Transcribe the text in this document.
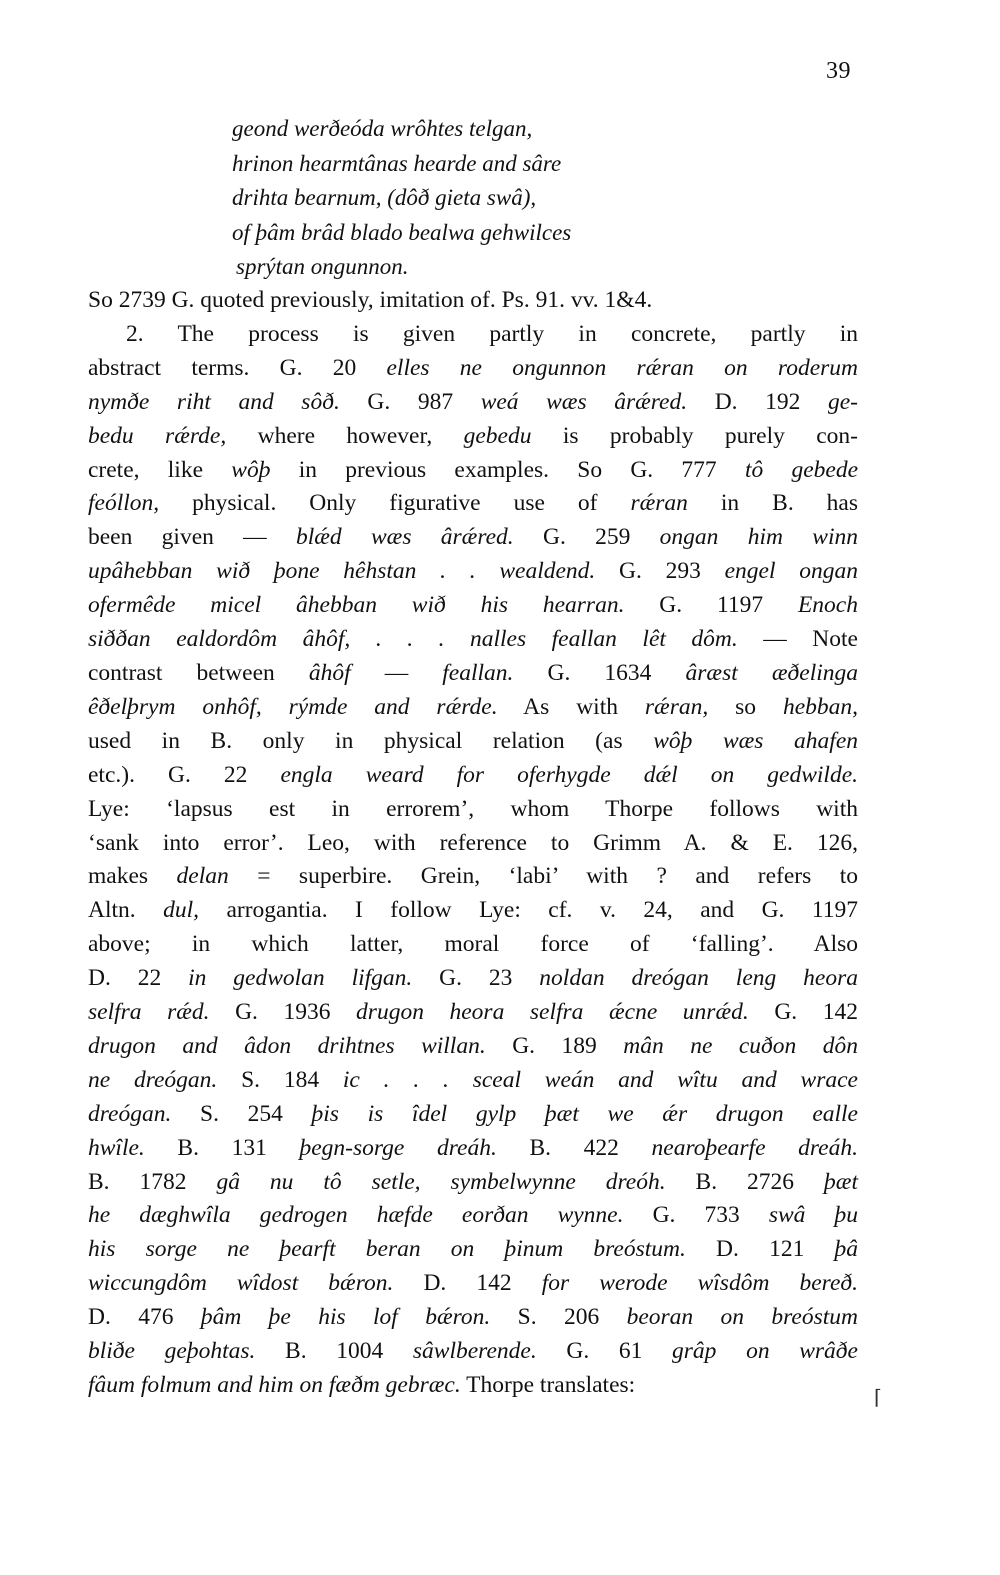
39
geond werðeóda wrôhtes telgan,
hrinon hearmtânas hearde and sâre
drihta bearnum, (dôð gieta swâ),
of þâm brâd blado bealwa gehwilces
sprýtan ongunnon.
So 2739 G. quoted previously, imitation of. Ps. 91. vv. 1&4.
2. The process is given partly in concrete, partly in
abstract terms. G. 20 elles ne ongunnon rǽran on roderum
nymðe riht and sôð. G. 987 weá wæs ârǽred. D. 192 ge-
bedu rǽrde, where however, gebedu is probably purely con-
crete, like wôþ in previous examples. So G. 777 tô gebede
feóllon, physical. Only figurative use of rǽran in B. has
been given — blǽd wæs ârǽred. G. 259 ongan him winn
upâhebban wið þone hêhstan . . wealdend. G. 293 engel ongan
ofermêde micel âhebban wið his hearran. G. 1197 Enoch
siððan ealdordôm âhôf, . . . nalles feallan lêt dôm. — Note
contrast between âhôf — feallan. G. 1634 âræst æðelinga
êðelþrym onhôf, rýmde and rǽrde. As with rǽran, so hebban,
used in B. only in physical relation (as wôþ wæs ahafen
etc.). G. 22 engla weard for oferhygde dǽl on gedwilde.
Lye: ‘lapsus est in errorem’, whom Thorpe follows with
‘sank into error’. Leo, with reference to Grimm A. & E. 126,
makes delan = superbire. Grein, ‘labi’ with ? and refers to
Altn. dul, arrogantia. I follow Lye: cf. v. 24, and G. 1197
above; in which latter, moral force of ‘falling’. Also
D. 22 in gedwolan lifgan. G. 23 noldan dreógan leng heora
selfra rǽd. G. 1936 drugon heora selfra ǽcne unrǽd. G. 142
drugon and âdon drihtnes willan. G. 189 mân ne cuðon dôn
ne dreógan. S. 184 ic . . . sceal weán and wîtu and wrace
dreógan. S. 254 þis is îdel gylp þæt we ǽr drugon ealle
hwîle. B. 131 þegn-sorge dreáh. B. 422 nearoþearfe dreáh.
B. 1782 gâ nu tô setle, symbelwynne dreóh. B. 2726 þæt
he dæghwîla gedrogen hæfde eorðan wynne. G. 733 swâ þu
his sorge ne þearft beran on þinum breóstum. D. 121 þâ
wiccungdôm wîdost bǽron. D. 142 for werode wîsdôm bereð.
D. 476 þâm þe his lof bǽron. S. 206 beoran on breóstum
bliðe geþohtas. B. 1004 sâwlberende. G. 61 grâp on wrâðe
fâum folmum and him on fæðm gebræc. Thorpe translates:	⌈
